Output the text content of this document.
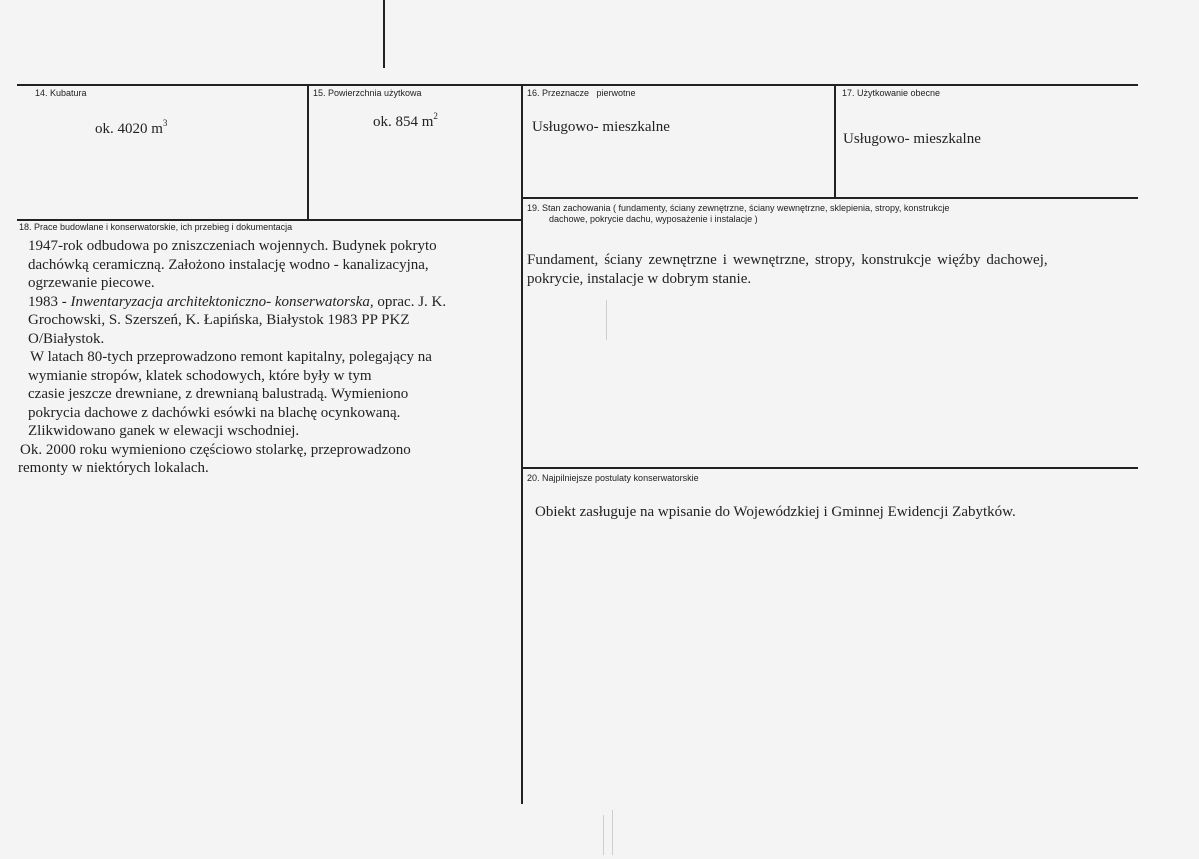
14. Kubatura
ok. 4020 $m^3$
15. Powierzchnia użytkowa
ok. 854 $m^2$
16. Przeznacze   pierwotne
Usługowo- mieszkalne
17. Użytkowanie obecne
Usługowo- mieszkalne
18. Prace budowlane i konserwatorskie, ich przebieg i dokumentacja
1947-rok odbudowa po zniszczeniach wojennych. Budynek pokryto
dachówką ceramiczną. Założono instalację wodno - kanalizacyjna,
ogrzewanie piecowe.
1983 - Inwentaryzacja architektoniczno- konserwatorska, oprac. J. K.
Grochowski, S. Szerszeń, K. Łapińska, Białystok 1983 PP PKZ
O/Białystok.
W latach 80-tych przeprowadzono remont kapitalny, polegający na
wymianie stropów, klatek schodowych, które były w tym
czasie jeszcze drewniane, z drewnianą balustradą. Wymieniono
pokrycia dachowe z dachówki esówki na blachę ocynkowaną.
Zlikwidowano ganek w elewacji wschodniej.
Ok. 2000 roku wymieniono częściowo stolarkę, przeprowadzono
remonty w niektórych lokalach.
19. Stan zachowania ( fundamenty, ściany zewnętrzne, ściany wewnętrzne, sklepienia, stropy, konstrukcje
dachowe, pokrycie dachu, wyposażenie i instalacje )
Fundament, ściany zewnętrzne i wewnętrzne, stropy, konstrukcje więźby dachowej,
pokrycie, instalacje w dobrym stanie.
20. Najpilniejsze postulaty konserwatorskie
Obiekt zasługuje na wpisanie do Wojewódzkiej i Gminnej Ewidencji Zabytków.
